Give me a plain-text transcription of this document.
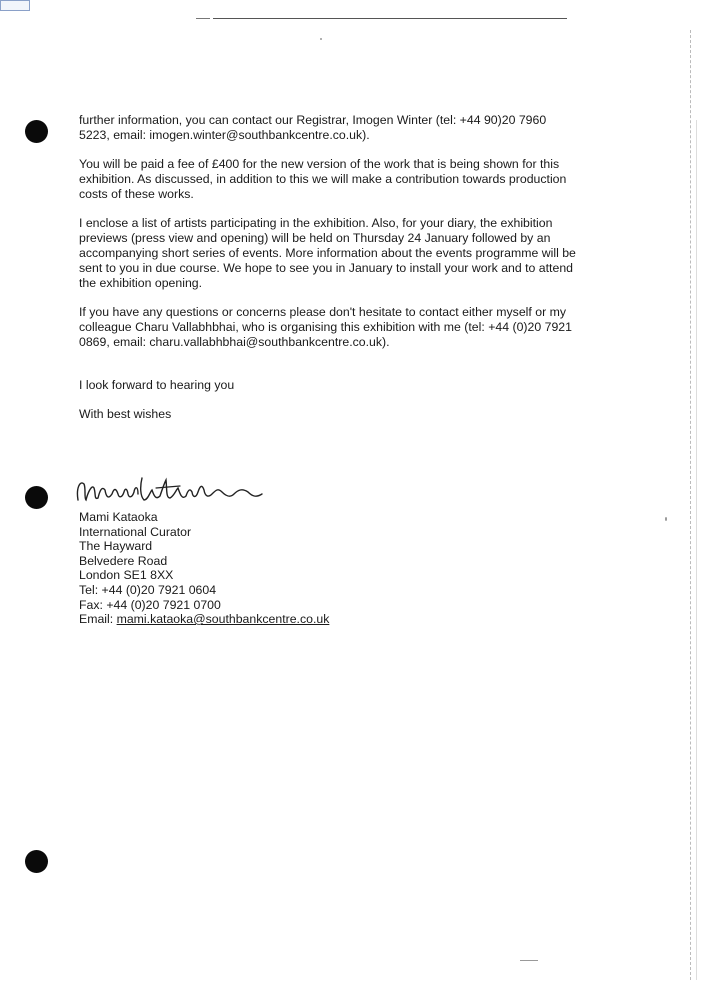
further information, you can contact our Registrar, Imogen Winter (tel: +44 90)20 7960 5223, email: imogen.winter@southbankcentre.co.uk).

You will be paid a fee of £400 for the new version of the work that is being shown for this exhibition. As discussed, in addition to this we will make a contribution towards production costs of these works.

I enclose a list of artists participating in the exhibition. Also, for your diary, the exhibition previews (press view and opening) will be held on Thursday 24 January followed by an accompanying short series of events. More information about the events programme will be sent to you in due course. We hope to see you in January to install your work and to attend the exhibition opening.

If you have any questions or concerns please don't hesitate to contact either myself or my colleague Charu Vallabhbhai, who is organising this exhibition with me (tel: +44 (0)20 7921 0869, email: charu.vallabhbhai@southbankcentre.co.uk).

I look forward to hearing you

With best wishes

Mami Kataoka
International Curator
The Hayward
Belvedere Road
London SE1 8XX
Tel: +44 (0)20 7921 0604
Fax: +44 (0)20 7921 0700
Email: mami.kataoka@southbankcentre.co.uk
